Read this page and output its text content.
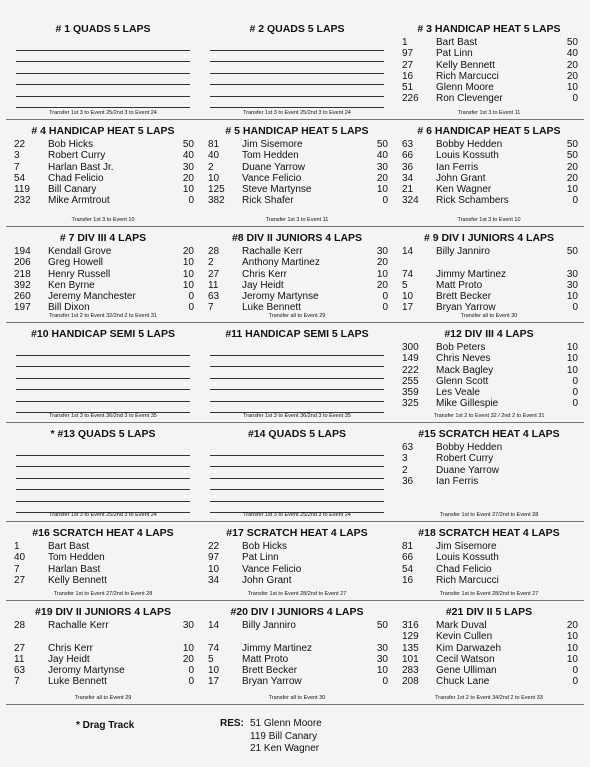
# 1 QUADS 5 LAPS
Transfer 1st 3 to Event 25/2nd 3 to Event 24
# 2 QUADS 5 LAPS
Transfer 1st 3 to Event 25/2nd 3 to Event 24
# 3 HANDICAP HEAT 5 LAPS
1	Bart Bast	50
97	Pat Linn	40
27	Kelly Bennett	20
16	Rich Marcucci	20
51	Glenn Moore	10
226	Ron Clevenger	0
Transfer 1st 3 to Event 11
# 4 HANDICAP HEAT 5 LAPS
22	Bob Hicks	50
3	Robert Curry	40
7	Harlan Bast Jr.	30
54	Chad Felicio	20
119	Bill Canary	10
232	Mike Armtrout	0
Transfer 1st 3 to Event 10
# 5 HANDICAP HEAT 5 LAPS
81	Jim Sisemore	50
40	Tom Hedden	40
2	Duane Yarrow	30
10	Vance Felicio	20
125	Steve Martynse	10
382	Rick Shafer	0
Transfer 1st 3 to Event 11
# 6 HANDICAP HEAT 5 LAPS
63	Bobby Hedden	50
66	Louis Kossuth	50
36	Ian Ferris	20
34	John Grant	20
21	Ken Wagner	10
324	Rick Schambers	0
Transfer 1st 3 to Event 10
# 7 DIV III 4 LAPS
194	Kendall Grove	20
206	Greg Howell	10
218	Henry Russell	10
392	Ken Byrne	10
260	Jeremy Manchester	0
197	Bill Dixon	0
Transfer 1st 2 to Event 32/2nd 2 to Event 31
#8 DIV II JUNIORS 4 LAPS
28	Rachalle Kerr	30
2	Anthony Martinez	20
27	Chris Kerr	10
11	Jay Heidt	20
63	Jeromy Martynse	0
7	Luke Bennett	0
Transfer all to Event 29
# 9 DIV I JUNIORS 4 LAPS
14	Billy Janniro	50
74	Jimmy Martinez	30
5	Matt Proto	30
10	Brett Becker	10
17	Bryan Yarrow	0
Transfer all to Event 30
#10 HANDICAP SEMI 5 LAPS
Transfer 1st 3 to Event 36/2nd 3 to Event 35
#11 HANDICAP SEMI 5 LAPS
Transfer 1st 3 to Event 36/2nd 3 to Event 35
#12 DIV III 4 LAPS
300	Bob Peters	10
149	Chris Neves	10
222	Mack Bagley	10
255	Glenn Scott	0
359	Les Veale	0
325	Mike Gillespie	0
Transfer 1st 2 to Event 32 / 2nd 2 to Event 31
* #13 QUADS 5 LAPS
Transfer 1st 3 to Event 25/2nd 3 to Event 24
#14 QUADS 5 LAPS
Transfer 1st 3 to Event 25/2nd 3 to Event 24
#15 SCRATCH HEAT 4 LAPS
63	Bobby Hedden
3	Robert Curry
2	Duane Yarrow
36	Ian Ferris
Transfer 1st to Event 27/2nd to Event 28
#16 SCRATCH HEAT 4 LAPS
1	Bart Bast
40	Tom Hedden
7	Harlan Bast
27	Kelly Bennett
Transfer 1st to Event 27/2nd to Event 28
#17 SCRATCH HEAT 4 LAPS
22	Bob Hicks
97	Pat Linn
10	Vance Felicio
34	John Grant
Transfer 1st to Event 28/2nd to Event 27
#18 SCRATCH HEAT 4 LAPS
81	Jim Sisemore
66	Louis Kossuth
54	Chad Felicio
16	Rich Marcucci
Transfer 1st to Event 28/2nd to Event 27
#19 DIV II JUNIORS 4 LAPS
28	Rachalle Kerr	30
27	Chris Kerr	10
11	Jay Heidt	20
63	Jeromy Martynse	0
7	Luke Bennett	0
Transfer all to Event 29
#20 DIV I JUNIORS 4 LAPS
14	Billy Janniro	50
74	Jimmy Martinez	30
5	Matt Proto	30
10	Brett Becker	10
17	Bryan Yarrow	0
Transfer all to Event 30
#21 DIV II 5 LAPS
316	Mark Duval	20
129	Kevin Cullen	10
135	Kim Darwazeh	10
101	Cecil Watson	10
283	Gene Ulliman	0
208	Chuck Lane	0
Transfer 1st 2 to Event 34/2nd 2 to Event 33
* Drag Track	RES: 51 Glenn Moore
119 Bill Canary
21 Ken Wagner
